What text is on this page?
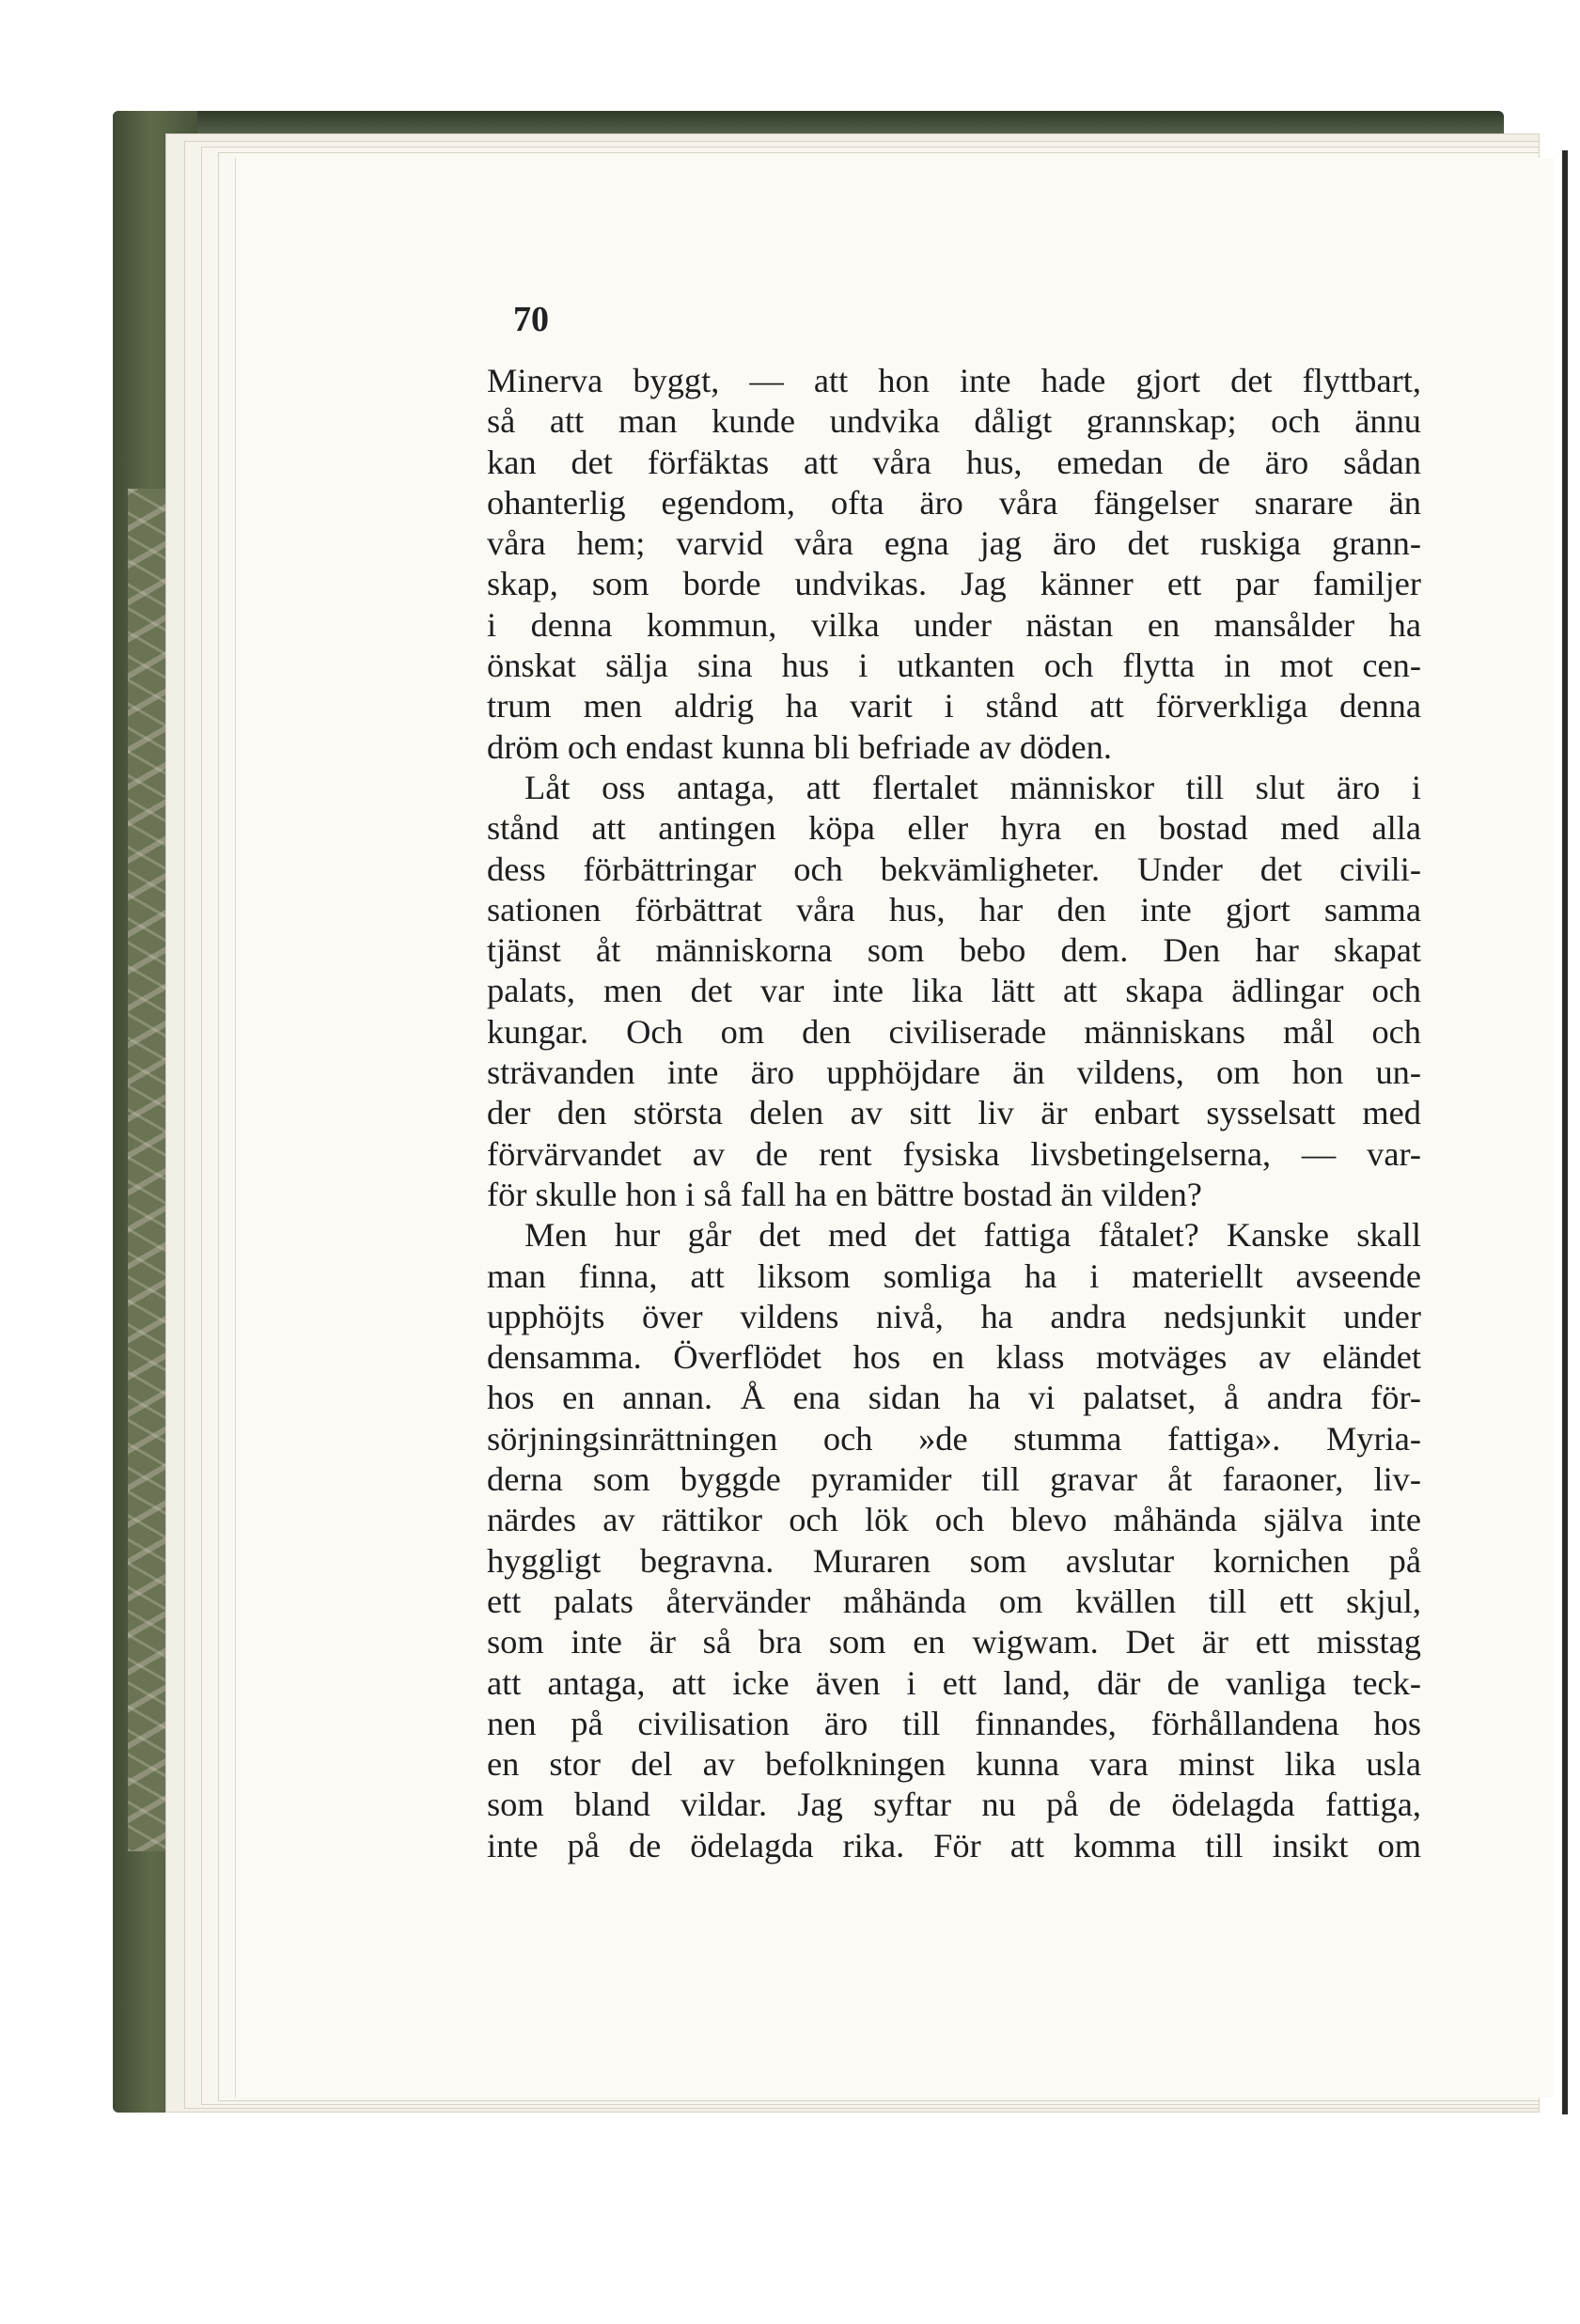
70
Minerva byggt, — att hon inte hade gjort det flyttbart,
så att man kunde undvika dåligt grannskap; och ännu
kan det förfäktas att våra hus, emedan de äro sådan
ohanterlig egendom, ofta äro våra fängelser snarare än
våra hem; varvid våra egna jag äro det ruskiga grann-
skap, som borde undvikas. Jag känner ett par familjer
i denna kommun, vilka under nästan en mansålder ha
önskat sälja sina hus i utkanten och flytta in mot cen-
trum men aldrig ha varit i stånd att förverkliga denna
dröm och endast kunna bli befriade av döden.
Låt oss antaga, att flertalet människor till slut äro i
stånd att antingen köpa eller hyra en bostad med alla
dess förbättringar och bekvämligheter. Under det civili-
sationen förbättrat våra hus, har den inte gjort samma
tjänst åt människorna som bebo dem. Den har skapat
palats, men det var inte lika lätt att skapa ädlingar och
kungar. Och om den civiliserade människans mål och
strävanden inte äro upphöjdare än vildens, om hon un-
der den största delen av sitt liv är enbart sysselsatt med
förvärvandet av de rent fysiska livsbetingelserna, — var-
för skulle hon i så fall ha en bättre bostad än vilden?
Men hur går det med det fattiga fåtalet? Kanske skall
man finna, att liksom somliga ha i materiellt avseende
upphöjts över vildens nivå, ha andra nedsjunkit under
densamma. Överflödet hos en klass motväges av eländet
hos en annan. Å ena sidan ha vi palatset, å andra för-
sörjningsinrättningen och »de stumma fattiga». Myria-
derna som byggde pyramider till gravar åt faraoner, liv-
närdes av rättikor och lök och blevo måhända själva inte
hyggligt begravna. Muraren som avslutar kornichen på
ett palats återvänder måhända om kvällen till ett skjul,
som inte är så bra som en wigwam. Det är ett misstag
att antaga, att icke även i ett land, där de vanliga teck-
nen på civilisation äro till finnandes, förhållandena hos
en stor del av befolkningen kunna vara minst lika usla
som bland vildar. Jag syftar nu på de ödelagda fattiga,
inte på de ödelagda rika. För att komma till insikt om
